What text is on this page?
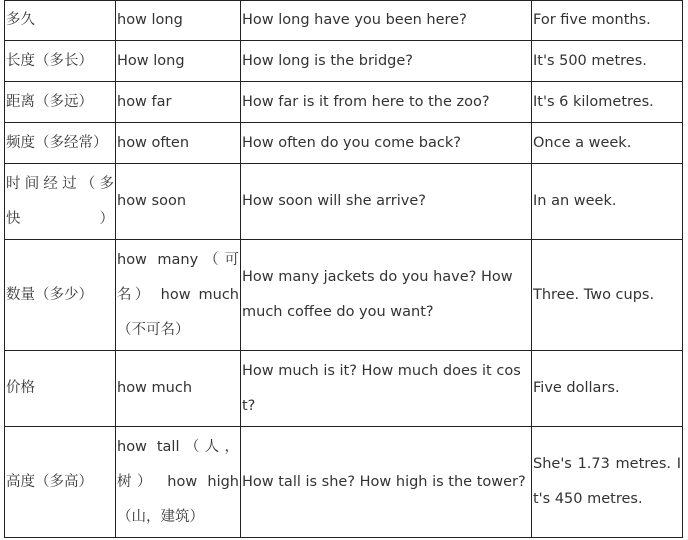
多久	how long	How long have you been here?	For five months.
长度（多长）	How long	How long is the bridge?	It's 500 metres.
距离（多远）	how far	How far is it from here to the zoo?	It's 6 kilometres.
频度（多经常）	how often	How often do you come back?	Once a week.
时间经过（多快）	how soon	How soon will she arrive?	In an week.
数量（多少）	how many（可名） how much（不可名）	How many jackets do you have? How much coffee do you want?	Three. Two cups.
价格	how much	How much is it? How much does it cost?	Five dollars.
高度（多高）	how tall（人，树） how high（山，建筑）	How tall is she? How high is the tower?	She's 1.73 metres. It's 450 metres.
